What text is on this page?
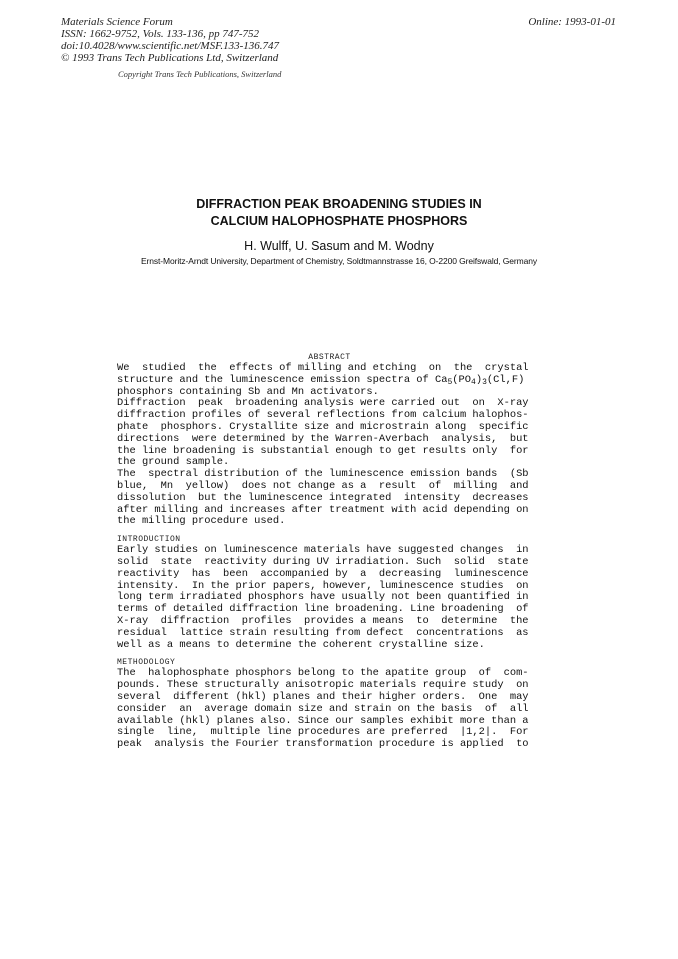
Materials Science Forum
ISSN: 1662-9752, Vols. 133-136, pp 747-752
doi:10.4028/www.scientific.net/MSF.133-136.747
© 1993 Trans Tech Publications Ltd, Switzerland
Online: 1993-01-01
Copyright Trans Tech Publications, Switzerland
DIFFRACTION PEAK BROADENING STUDIES IN
CALCIUM HALOPHOSPHATE PHOSPHORS
H. Wulff, U. Sasum and M. Wodny
Ernst-Moritz-Arndt University, Department of Chemistry, Soldtmannstrasse 16, O-2200 Greifswald, Germany
ABSTRACT
We  studied  the  effects of milling and etching  on  the  crystal
structure and the luminescence emission spectra of $Ca_5(PO_4)_3(Cl,F)$
phosphors containing Sb and Mn activators.
Diffraction  peak  broadening analysis were carried out  on  X-ray
diffraction profiles of several reflections from calcium halophos-
phate  phosphors. Crystallite size and microstrain along  specific
directions  were determined by the Warren-Averbach  analysis,  but
the line broadening is substantial enough to get results only  for
the ground sample.
The  spectral distribution of the luminescence emission bands  (Sb
blue,  Mn  yellow)  does not change as a  result  of  milling  and
dissolution  but the luminescence integrated  intensity  decreases
after milling and increases after treatment with acid depending on
the milling procedure used.
INTRODUCTION
Early studies on luminescence materials have suggested changes  in
solid  state  reactivity during UV irradiation. Such  solid  state
reactivity  has  been  accompanied by  a  decreasing  luminescence
intensity.  In the prior papers, however, luminescence studies  on
long term irradiated phosphors have usually not been quantified in
terms of detailed diffraction line broadening. Line broadening  of
X-ray  diffraction  profiles  provides a means  to  determine  the
residual  lattice strain resulting from defect  concentrations  as
well as a means to determine the coherent crystalline size.
METHODOLOGY
The  halophosphate phosphors belong to the apatite group  of  com-
pounds. These structurally anisotropic materials require study  on
several  different (hkl) planes and their higher orders.  One  may
consider  an  average domain size and strain on the basis  of  all
available (hkl) planes also. Since our samples exhibit more than a
single  line,  multiple line procedures are preferred  |1,2|.  For
peak  analysis the Fourier transformation procedure is applied  to
